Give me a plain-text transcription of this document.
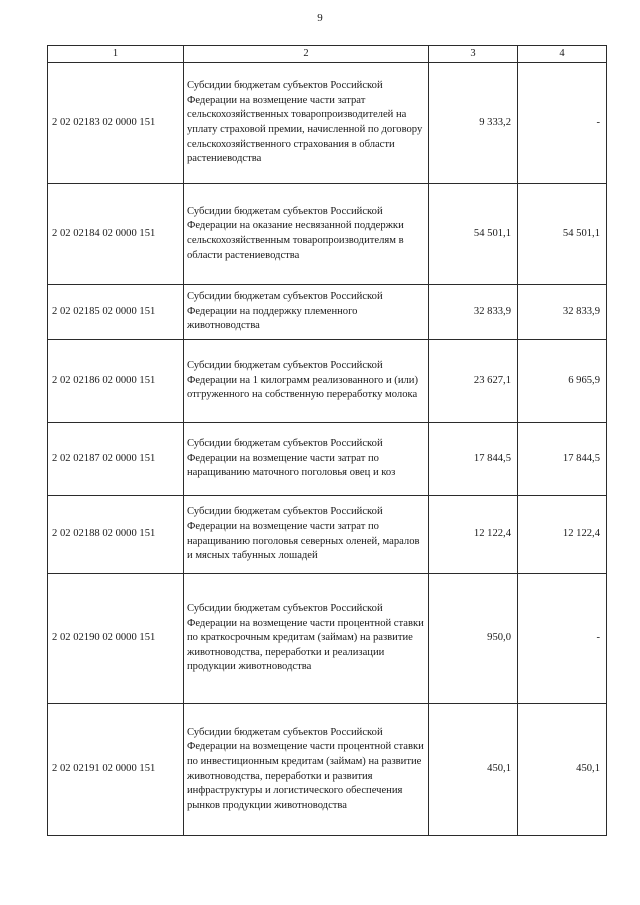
9
1	2	3	4
2 02 02183 02 0000 151	Субсидии бюджетам субъектов Российской Федерации на возмещение части затрат сельскохозяйственных товаропроизводителей на уплату страховой премии, начисленной по договору сельскохозяйственного страхования в области растениеводства	9 333,2	-
2 02 02184 02 0000 151	Субсидии бюджетам субъектов Российской Федерации на оказание несвязанной поддержки сельскохозяйственным товаропроизводителям в области растениеводства	54 501,1	54 501,1
2 02 02185 02 0000 151	Субсидии бюджетам субъектов Российской Федерации на поддержку племенного животноводства	32 833,9	32 833,9
2 02 02186 02 0000 151	Субсидии бюджетам субъектов Российской Федерации на 1 килограмм реализованного и (или) отгруженного на собственную переработку молока	23 627,1	6 965,9
2 02 02187 02 0000 151	Субсидии бюджетам субъектов Российской Федерации на возмещение части затрат по наращиванию маточного поголовья овец и коз	17 844,5	17 844,5
2 02 02188 02 0000 151	Субсидии бюджетам субъектов Российской Федерации на возмещение части затрат по наращиванию поголовья северных оленей, маралов и мясных табунных лошадей	12 122,4	12 122,4
2 02 02190 02 0000 151	Субсидии бюджетам субъектов Российской Федерации на возмещение части процентной ставки по краткосрочным кредитам (займам) на развитие животноводства, переработки и реализации продукции животноводства	950,0	-
2 02 02191 02 0000 151	Субсидии бюджетам субъектов Российской Федерации на возмещение части процентной ставки по инвестиционным кредитам (займам) на развитие животноводства, переработки и развития инфраструктуры и логистического обеспечения рынков продукции животноводства	450,1	450,1
